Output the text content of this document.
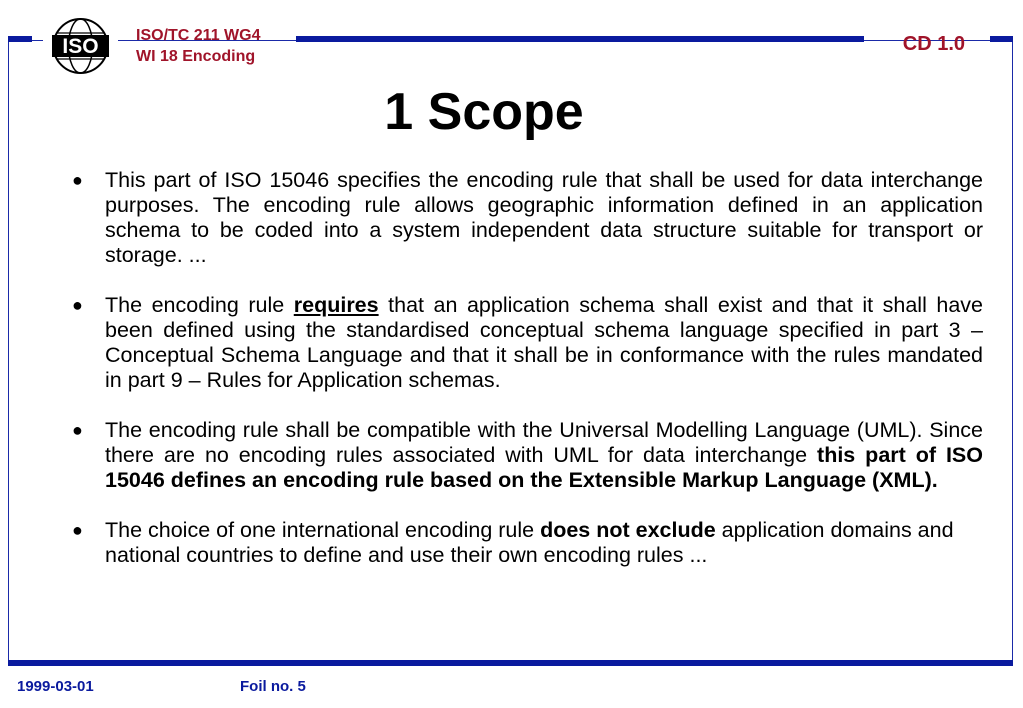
ISO ISO/TC 211 WG4
WI 18 Encoding
CD 1.0
1 Scope
●	This part of ISO 15046 specifies the encoding rule that shall be used for data interchange purposes. The encoding rule allows geographic information defined in an application schema to be coded into a system independent data structure suitable for transport or storage. ...
●	The encoding rule requires that an application schema shall exist and that it shall have been defined using the standardised conceptual schema language specified in part 3 – Conceptual Schema Language and that it shall be in conformance with the rules mandated in part 9 – Rules for Application schemas.
●	The encoding rule shall be compatible with the Universal Modelling Language (UML). Since there are no encoding rules associated with UML for data interchange this part of ISO 15046 defines an encoding rule based on the Extensible Markup Language (XML).
●	The choice of one international encoding rule does not exclude application domains and national countries to define and use their own encoding rules ...
1999-03-01	Foil no. 5
